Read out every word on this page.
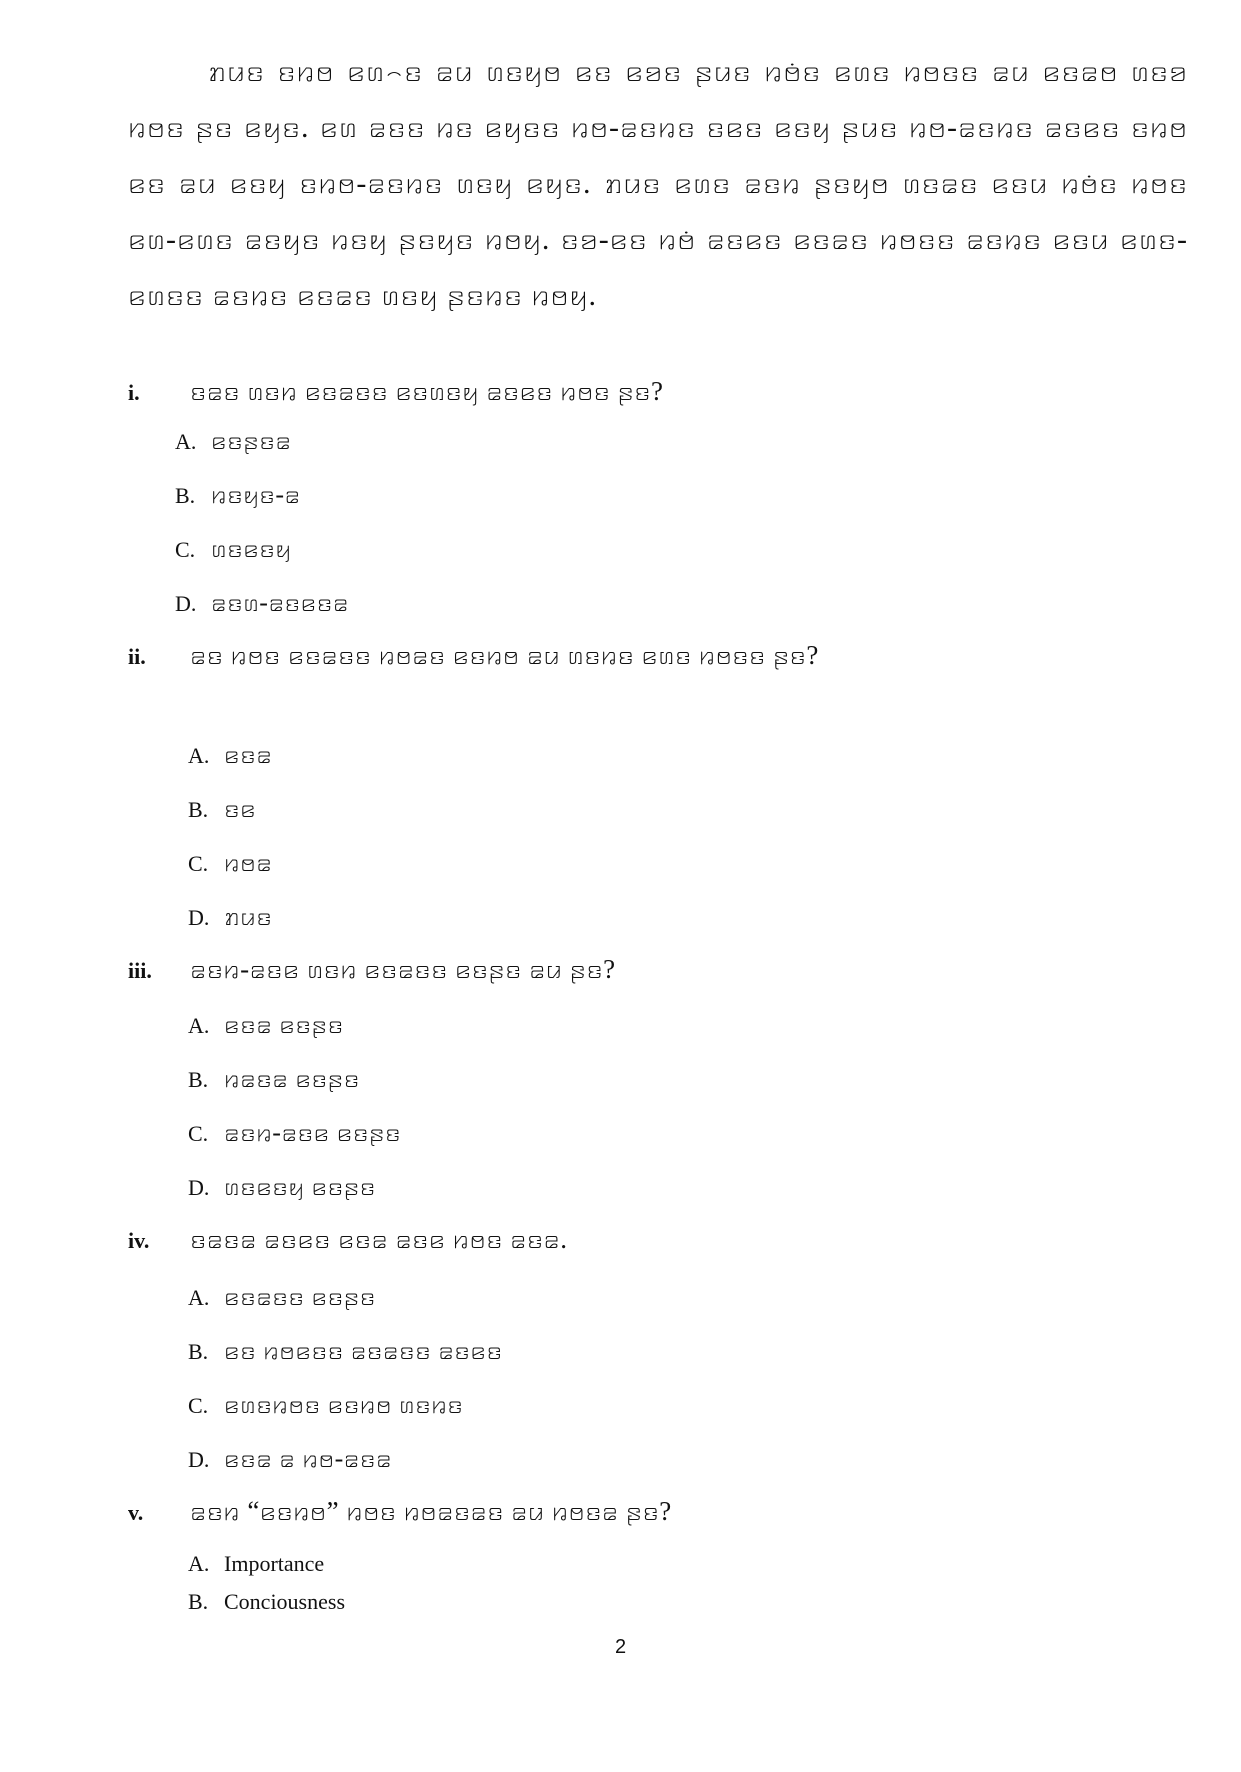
ꤊꤣꤢ ꤢꤙꤥ ꤕꤛ꤮ꤢ ꤘꤣ ꤛꤢꤟꤥ ꤕꤢ ꤕꤤꤢ ꤔꤣꤢ ꤙꤥꤦꤢ ꤕꤛꤢ ꤙꤥꤢꤢ ꤘꤣ ꤕꤢꤘꤥ ꤛꤢꤤ ꤙꤥꤢ ꤔꤢ ꤕꤟꤢ. ꤕꤛ ꤘꤢꤢ ꤙꤢ ꤕꤟꤢꤢ ꤙꤥ-ꤘꤢꤙꤢ ꤢꤕꤢ ꤕꤢꤟ ꤔꤣꤢ ꤙꤥ-ꤘꤢꤙꤢ ꤘꤢꤕꤢ ꤢꤙꤥ ꤕꤢ ꤘꤣ ꤕꤢꤟ ꤢꤙꤥ-ꤘꤢꤙꤢ ꤛꤢꤟ ꤕꤟꤢ. ꤊꤣꤢ ꤕꤛꤢ ꤘꤢꤙ ꤔꤢꤟꤥ ꤛꤢꤘꤢ ꤕꤢꤣ ꤙꤥꤦꤢ ꤙꤥꤢ ꤕꤛ-ꤕꤛꤢ ꤘꤢꤟꤢ ꤙꤢꤟ ꤔꤢꤟꤢ ꤙꤥꤟ. ꤢꤤ-ꤕꤢ ꤙꤥꤦ ꤘꤢꤕꤢ ꤕꤢꤘꤢ ꤙꤥꤢꤢ ꤘꤢꤙꤢ ꤕꤢꤣ ꤕꤛꤢ-ꤕꤛꤢꤢ ꤘꤢꤙꤢ ꤕꤢꤘꤢ ꤛꤢꤟ ꤔꤢꤙꤢ ꤙꤥꤟ.

i. ꤢꤘꤢ ꤛꤢꤙ ꤕꤢꤘꤢꤢ ꤕꤢꤛꤢꤟ ꤘꤢꤕꤢ ꤙꤥꤢ ꤔꤢ?
A. ꤕꤢꤔꤢꤘ
B. ꤙꤢꤟꤢ-ꤘ
C. ꤛꤢꤕꤢꤟ
D. ꤘꤢꤛ-ꤘꤢꤕꤢꤘ
ii. ꤘꤢ ꤙꤥꤢ ꤕꤢꤘꤢꤢ ꤙꤥꤘꤢ ꤕꤢꤙꤥ ꤘꤣ ꤛꤢꤙꤢ ꤕꤛꤢ ꤙꤥꤢꤢ ꤔꤢ?
A. ꤕꤢꤘ
B. ꤢꤕ
C. ꤙꤥꤘ
D. ꤊꤣꤢ
iii. ꤘꤢꤙ-ꤘꤢꤕ ꤛꤢꤙ ꤕꤢꤘꤢꤢ ꤕꤢꤔꤢ ꤘꤣ ꤔꤢ?
A. ꤕꤢꤘ ꤕꤢꤔꤢ
B. ꤙꤘꤢꤘ ꤕꤢꤔꤢ
C. ꤘꤢꤙ-ꤘꤢꤕ ꤕꤢꤔꤢ
D. ꤛꤢꤕꤢꤟ ꤕꤢꤔꤢ
iv. ꤢꤘꤢꤘ ꤘꤢꤕꤢ ꤕꤢꤘ ꤘꤢꤕ ꤙꤥꤢ ꤘꤢꤘ.
A. ꤕꤢꤘꤢꤢ ꤕꤢꤔꤢ
B. ꤕꤢ ꤙꤥꤕꤢꤢ ꤘꤢꤘꤢꤢ ꤘꤢꤕꤢ
C. ꤕꤛꤢꤙꤥꤢ ꤕꤢꤙꤥ ꤛꤢꤙꤢ
D. ꤕꤢꤘ ꤘ ꤙꤥ-ꤘꤢꤘ
v. ꤘꤢꤙ “ꤕꤢꤙꤥ” ꤙꤥꤢ ꤙꤥꤘꤢꤘꤢ ꤘꤣ ꤙꤥꤢꤘ ꤔꤢ?
A. Importance
B. Conciousness
2
